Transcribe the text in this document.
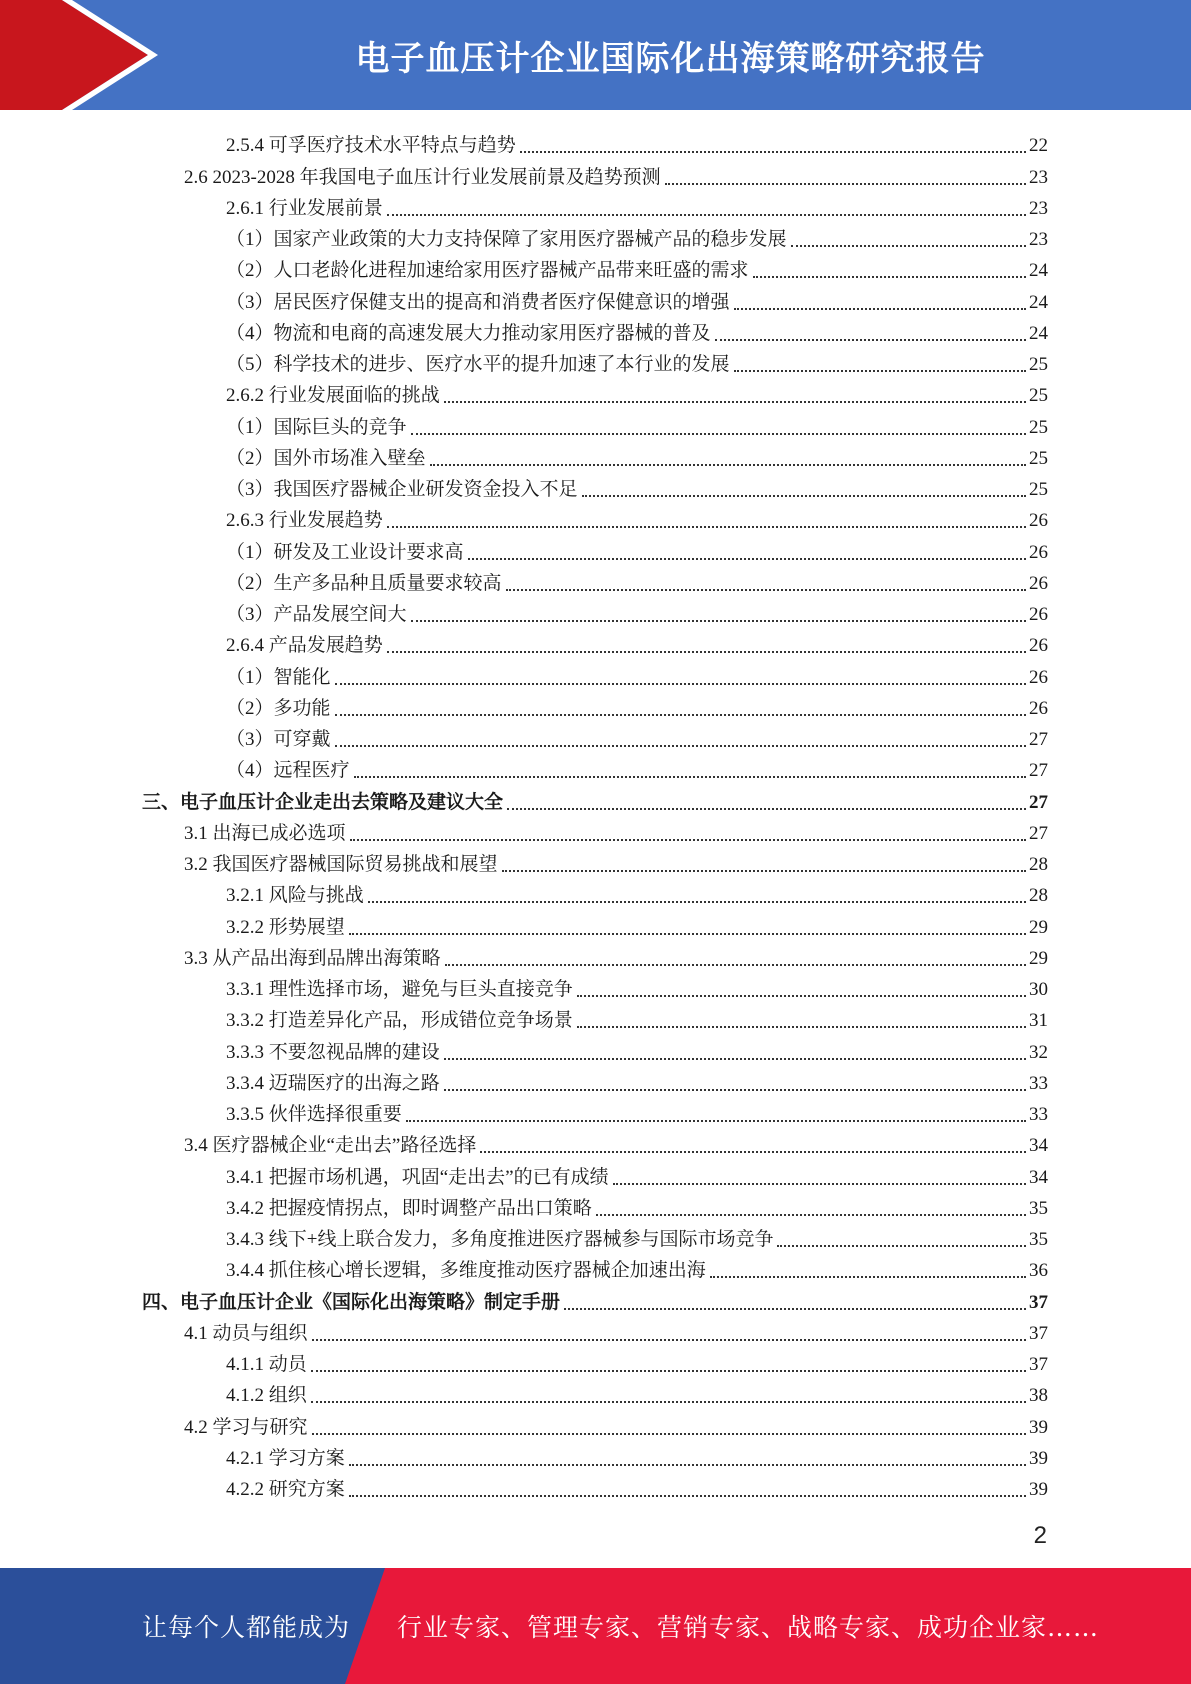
电子血压计企业国际化出海策略研究报告
2.5.4 可孚医疗技术水平特点与趋势	22
2.6 2023-2028 年我国电子血压计行业发展前景及趋势预测	23
2.6.1 行业发展前景	23
（1）国家产业政策的大力支持保障了家用医疗器械产品的稳步发展	23
（2）人口老龄化进程加速给家用医疗器械产品带来旺盛的需求	24
（3）居民医疗保健支出的提高和消费者医疗保健意识的增强	24
（4）物流和电商的高速发展大力推动家用医疗器械的普及	24
（5）科学技术的进步、医疗水平的提升加速了本行业的发展	25
2.6.2 行业发展面临的挑战	25
（1）国际巨头的竞争	25
（2）国外市场准入壁垒	25
（3）我国医疗器械企业研发资金投入不足	25
2.6.3 行业发展趋势	26
（1）研发及工业设计要求高	26
（2）生产多品种且质量要求较高	26
（3）产品发展空间大	26
2.6.4 产品发展趋势	26
（1）智能化	26
（2）多功能	26
（3）可穿戴	27
（4）远程医疗	27
三、电子血压计企业走出去策略及建议大全	27
3.1 出海已成必选项	27
3.2 我国医疗器械国际贸易挑战和展望	28
3.2.1 风险与挑战	28
3.2.2 形势展望	29
3.3 从产品出海到品牌出海策略	29
3.3.1 理性选择市场，避免与巨头直接竞争	30
3.3.2 打造差异化产品，形成错位竞争场景	31
3.3.3 不要忽视品牌的建设	32
3.3.4 迈瑞医疗的出海之路	33
3.3.5 伙伴选择很重要	33
3.4 医疗器械企业“走出去”路径选择	34
3.4.1 把握市场机遇，巩固“走出去”的已有成绩	34
3.4.2 把握疫情拐点，即时调整产品出口策略	35
3.4.3 线下+线上联合发力，多角度推进医疗器械参与国际市场竞争	35
3.4.4 抓住核心增长逻辑，多维度推动医疗器械企加速出海	36
四、电子血压计企业《国际化出海策略》制定手册	37
4.1 动员与组织	37
4.1.1 动员	37
4.1.2 组织	38
4.2 学习与研究	39
4.2.1 学习方案	39
4.2.2 研究方案	39
2
让每个人都能成为 行业专家、管理专家、营销专家、战略专家、成功企业家……
